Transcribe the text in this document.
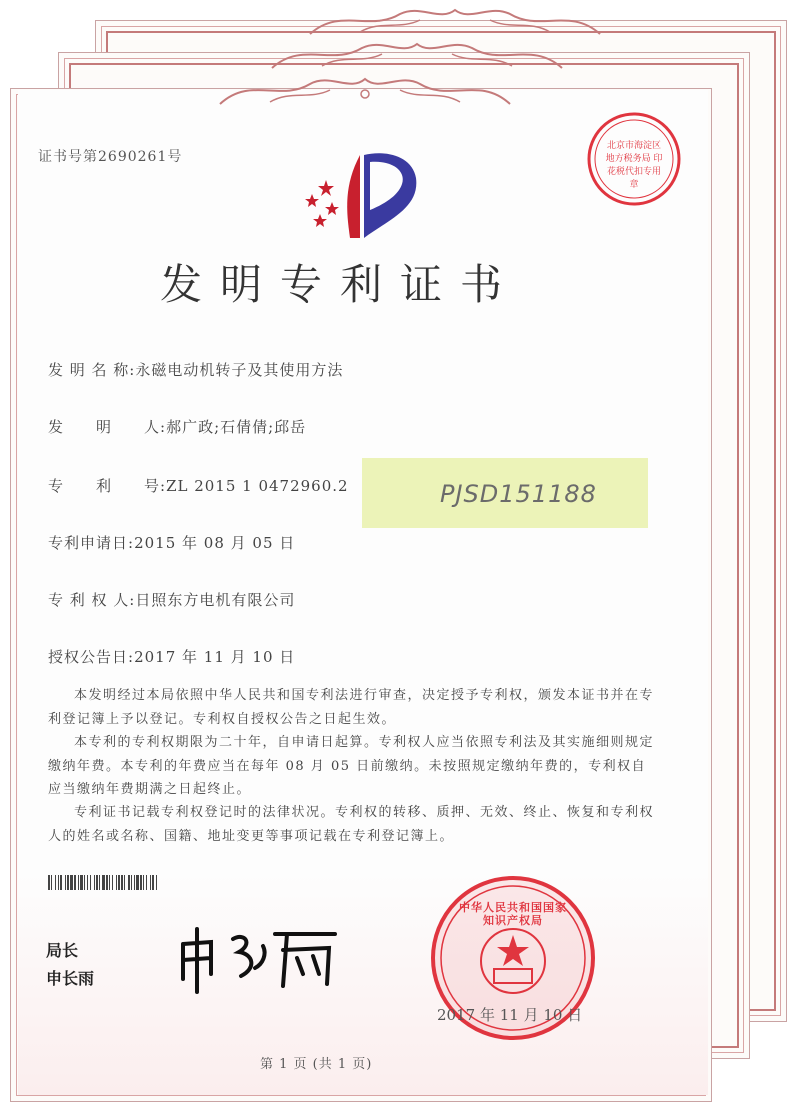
证书号第2690261号
北京市海淀区地方税务局 印花税代扣专用章
发明专利证书
发 明 名 称:永磁电动机转子及其使用方法
发　　明　　人:郝广政;石倩倩;邱岳
专　　利　　号:ZL 2015 1 0472960.2
专利申请日:2015 年 08 月 05 日
专 利 权 人:日照东方电机有限公司
授权公告日:2017 年 11 月 10 日
PJSD151188
本发明经过本局依照中华人民共和国专利法进行审查，决定授予专利权，颁发本证书并在专利登记簿上予以登记。专利权自授权公告之日起生效。
本专利的专利权期限为二十年，自申请日起算。专利权人应当依照专利法及其实施细则规定缴纳年费。本专利的年费应当在每年 08 月 05 日前缴纳。未按照规定缴纳年费的，专利权自应当缴纳年费期满之日起终止。
专利证书记载专利权登记时的法律状况。专利权的转移、质押、无效、终止、恢复和专利权人的姓名或名称、国籍、地址变更等事项记载在专利登记簿上。
局长
申长雨
中华人民共和国国家知识产权局
2017 年 11 月 10 日
第 1 页 (共 1 页)
